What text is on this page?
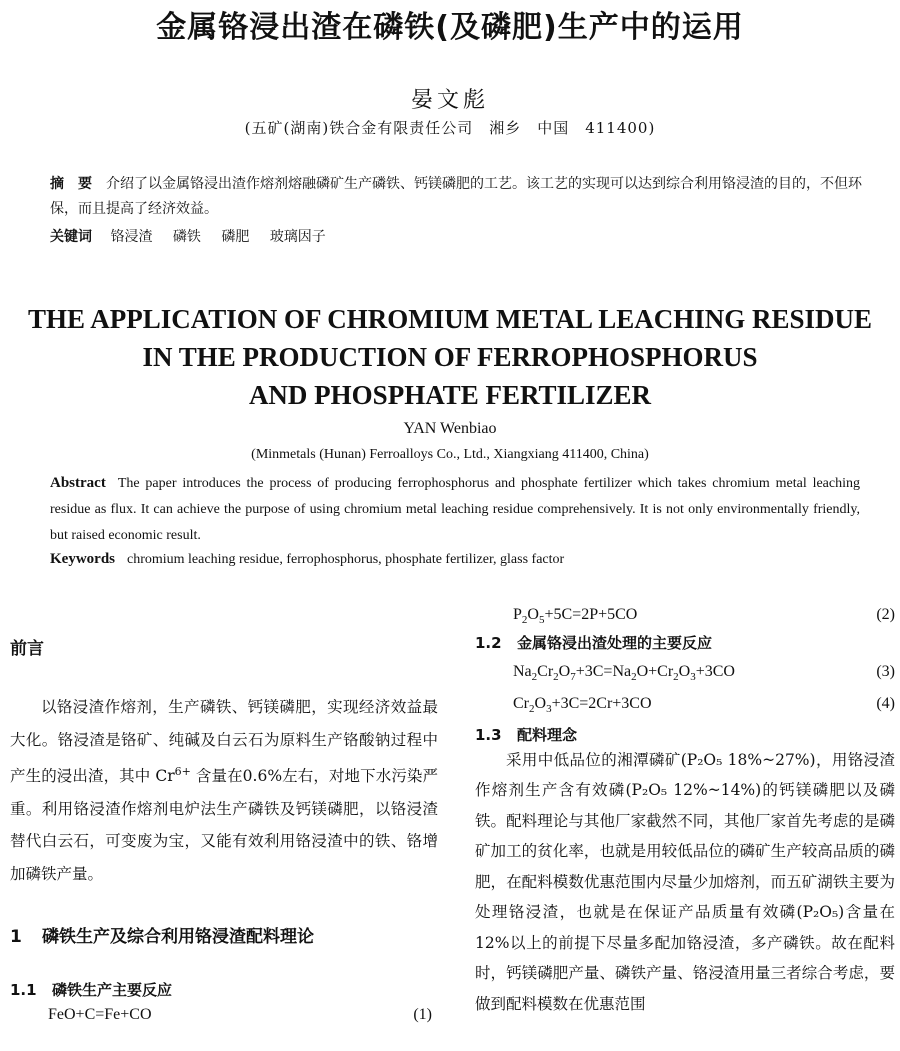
金属铬浸出渣在磷铁(及磷肥)生产中的运用
晏文彪
(五矿(湖南)铁合金有限责任公司　湘乡　中国　411400)
摘　要 介绍了以金属铬浸出渣作熔剂熔融磷矿生产磷铁、钙镁磷肥的工艺。该工艺的实现可以达到综合利用铬浸渣的目的，不但环保，而且提高了经济效益。
关键词 铬浸渣 磷铁 磷肥 玻璃因子
THE APPLICATION OF CHROMIUM METAL LEACHING RESIDUE
IN THE PRODUCTION OF FERROPHOSPHORUS
AND PHOSPHATE FERTILIZER
YAN Wenbiao
(Minmetals (Hunan) Ferroalloys Co., Ltd., Xiangxiang 411400, China)
Abstract The paper introduces the process of producing ferrophosphorus and phosphate fertilizer which takes chromium metal leaching residue as flux. It can achieve the purpose of using chromium metal leaching residue comprehensively. It is not only environmentally friendly, but raised economic result.
Keywords chromium leaching residue, ferrophosphorus, phosphate fertilizer, glass factor
前言
以铬浸渣作熔剂，生产磷铁、钙镁磷肥，实现经济效益最大化。铬浸渣是铬矿、纯碱及白云石为原料生产铬酸钠过程中产生的浸出渣，其中 $Cr^{6+}$ 含量在0.6%左右，对地下水污染严重。利用铬浸渣作熔剂电炉法生产磷铁及钙镁磷肥，以铬浸渣替代白云石，可变废为宝，又能有效利用铬浸渣中的铁、铬增加磷铁产量。
1 磷铁生产及综合利用铬浸渣配料理论
1.1 磷铁生产主要反应
FeO+C=Fe+CO	(1)
$P_2O_5+5C=2P+5CO$	(2)
1.2 金属铬浸出渣处理的主要反应
$Na_2Cr_2O_7+3C=Na_2O+Cr_2O_3+3CO$	(3)
$Cr_2O_3+3C=2Cr+3CO$	(4)
1.3 配料理念
采用中低品位的湘潭磷矿(P₂O₅ 18%~27%)，用铬浸渣作熔剂生产含有效磷(P₂O₅ 12%~14%)的钙镁磷肥以及磷铁。配料理论与其他厂家截然不同，其他厂家首先考虑的是磷矿加工的贫化率，也就是用较低品位的磷矿生产较高品质的磷肥，在配料模数优惠范围内尽量少加熔剂，而五矿湖铁主要为处理铬浸渣，也就是在保证产品质量有效磷(P₂O₅)含量在12%以上的前提下尽量多配加铬浸渣，多产磷铁。故在配料时，钙镁磷肥产量、磷铁产量、铬浸渣用量三者综合考虑，要做到配料模数在优惠范围
